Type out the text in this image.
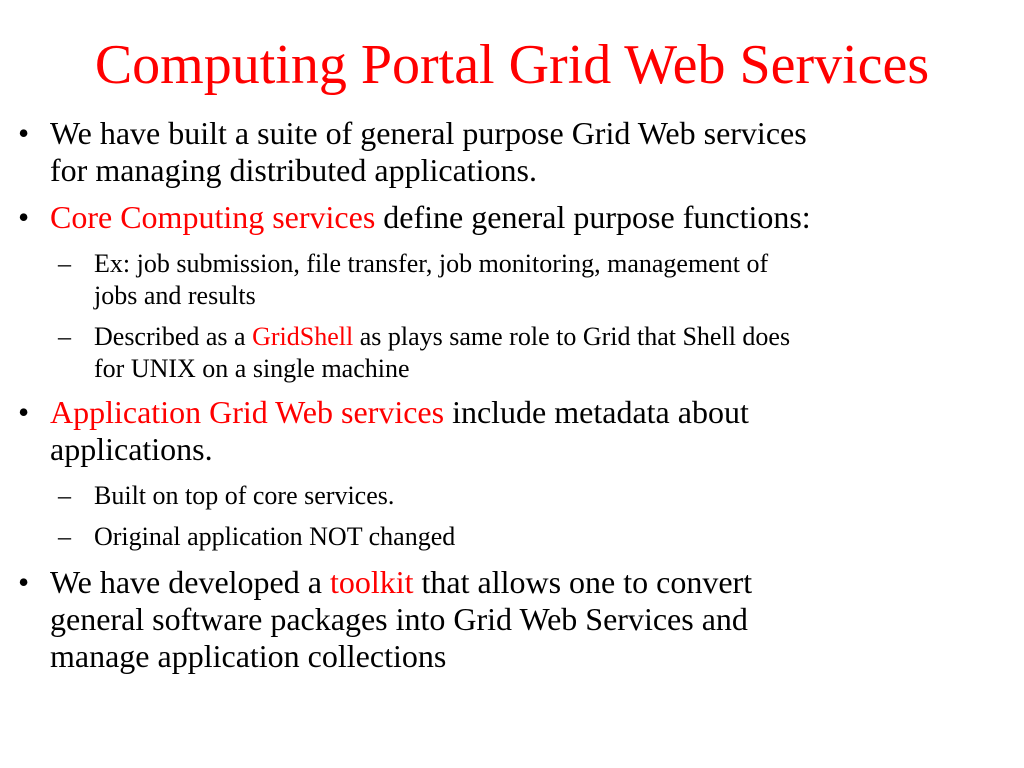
Computing Portal Grid Web Services
• We have built a suite of general purpose Grid Web services
for managing distributed applications.
• Core Computing services define general purpose functions:
– Ex: job submission, file transfer, job monitoring, management of
jobs and results
– Described as a GridShell as plays same role to Grid that Shell does
for UNIX on a single machine
• Application Grid Web services include metadata about
applications.
– Built on top of core services.
– Original application NOT changed
• We have developed a toolkit that allows one to convert
general software packages into Grid Web Services and
manage application collections
